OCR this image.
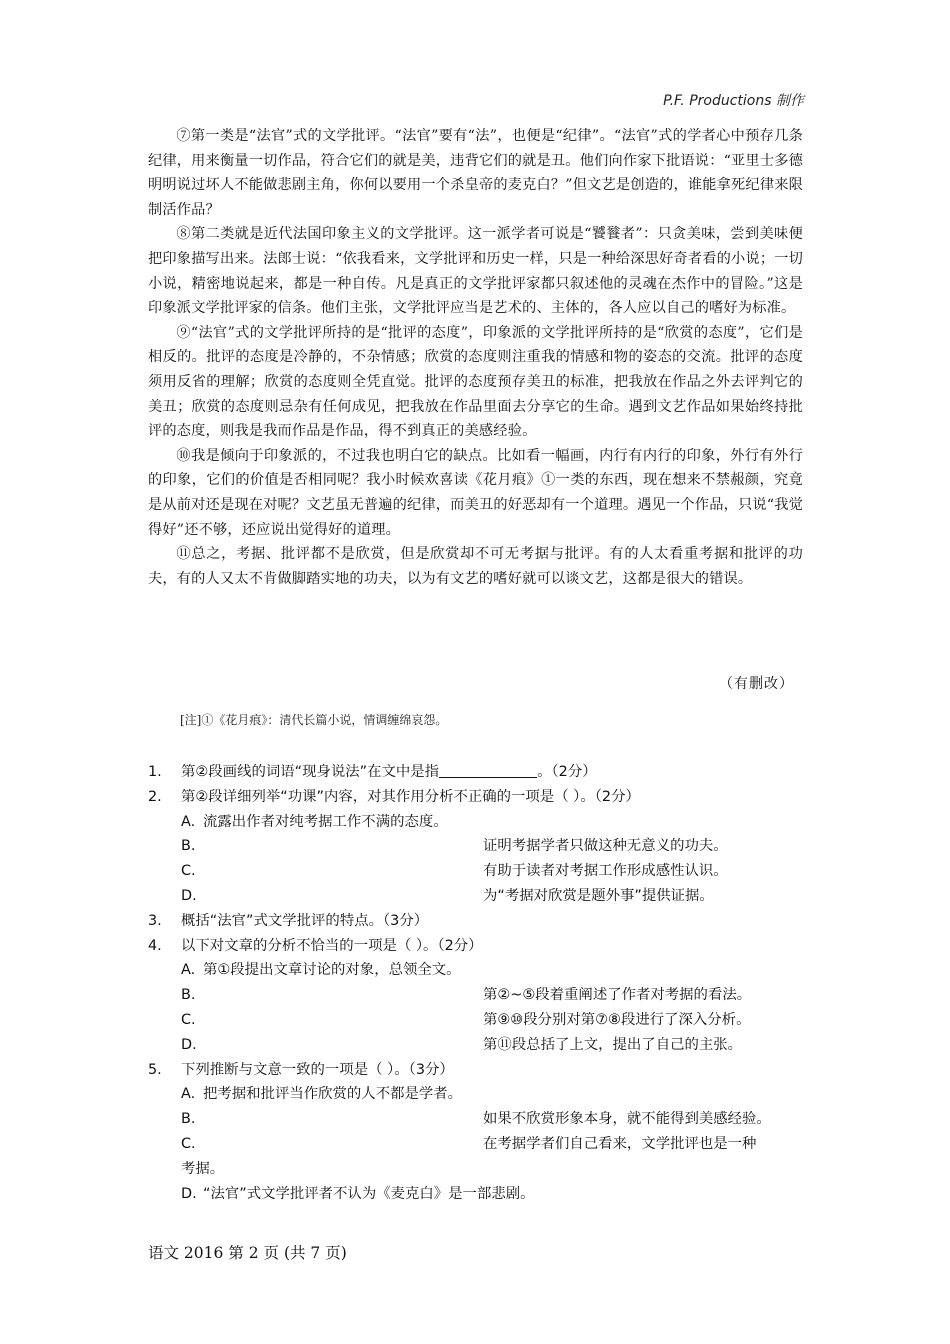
P.F. Productions 制作

⑦第一类是“法官”式的文学批评。“法官”要有“法”，也便是“纪律”。“法官”式的学者心中预存几条纪律，用来衡量一切作品，符合它们的就是美，违背它们的就是丑。他们向作家下批语说：“亚里士多德明明说过坏人不能做悲剧主角，你何以要用一个杀皇帝的麦克白？”但文艺是创造的，谁能拿死纪律来限制活作品？

⑧第二类就是近代法国印象主义的文学批评。这一派学者可说是“饕餮者”：只贪美味，尝到美味便把印象描写出来。法郎士说：“依我看来，文学批评和历史一样，只是一种给深思好奇者看的小说；一切小说，精密地说起来，都是一种自传。凡是真正的文学批评家都只叙述他的灵魂在杰作中的冒险。”这是印象派文学批评家的信条。他们主张，文学批评应当是艺术的、主体的，各人应以自己的嗜好为标准。

⑨“法官”式的文学批评所持的是“批评的态度”，印象派的文学批评所持的是“欣赏的态度”，它们是相反的。批评的态度是冷静的，不杂情感；欣赏的态度则注重我的情感和物的姿态的交流。批评的态度须用反省的理解；欣赏的态度则全凭直觉。批评的态度预存美丑的标准，把我放在作品之外去评判它的美丑；欣赏的态度则忌杂有任何成见，把我放在作品里面去分享它的生命。遇到文艺作品如果始终持批评的态度，则我是我而作品是作品，得不到真正的美感经验。

⑩我是倾向于印象派的，不过我也明白它的缺点。比如看一幅画，内行有内行的印象，外行有外行的印象，它们的价值是否相同呢？我小时候欢喜读《花月痕》①一类的东西，现在想来不禁赧颜，究竟是从前对还是现在对呢？文艺虽无普遍的纪律，而美丑的好恶却有一个道理。遇见一个作品，只说“我觉得好”还不够，还应说出觉得好的道理。

⑪总之，考据、批评都不是欣赏，但是欣赏却不可无考据与批评。有的人太看重考据和批评的功夫，有的人又太不肯做脚踏实地的功夫，以为有文艺的嗜好就可以谈文艺，这都是很大的错误。

（有删改）
[注]①《花月痕》：清代长篇小说，情调缠绵哀怨。
1. 第②段画线的词语“现身说法”在文中是指	。（2分）
2. 第②段详细列举“功课”内容，对其作用分析不正确的一项是（ ）。（2分）
A. 流露出作者对纯考据工作不满的态度。
B.	证明考据学者只做这种无意义的功夫。
C.	有助于读者对考据工作形成感性认识。
D.	为“考据对欣赏是题外事”提供证据。
3. 概括“法官”式文学批评的特点。（3分）
4. 以下对文章的分析不恰当的一项是（ ）。（2分）
A. 第①段提出文章讨论的对象，总领全文。
B.	第②~⑤段着重阐述了作者对考据的看法。
C.	第⑨⑩段分别对第⑦⑧段进行了深入分析。
D.	第⑪段总括了上文，提出了自己的主张。
5. 下列推断与文意一致的一项是（ ）。（3分）
A. 把考据和批评当作欣赏的人不都是学者。
B.	如果不欣赏形象本身，就不能得到美感经验。
C.	在考据学者们自己看来，文学批评也是一种
考据。
D. “法官”式文学批评者不认为《麦克白》是一部悲剧。
语文 2016 第 2 页 (共 7 页)
